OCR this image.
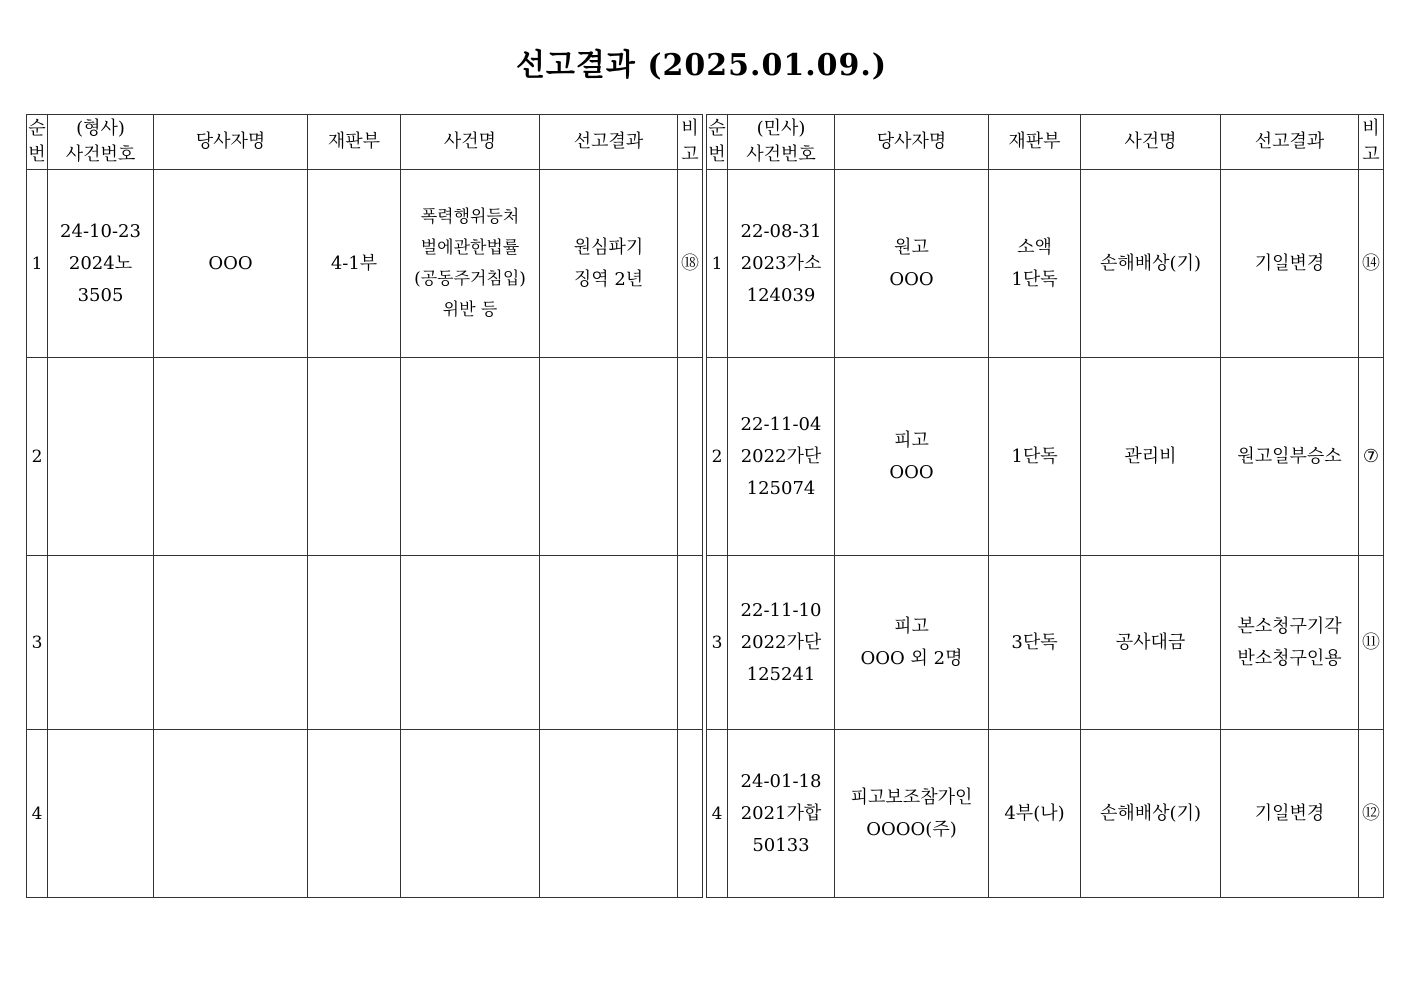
선고결과 (2025.01.09.)
순
번	(형사)
사건번호	당사자명	재판부	사건명	선고결과	비
고

1	24-10-23
2024노
3505	OOO	4-1부	폭력행위등처
벌에관한법률
(공동주거침입)
위반 등	원심파기
징역 2년	⑱
2						
3						
4						
순
번	(민사)
사건번호	당사자명	재판부	사건명	선고결과	비
고

1	22-08-31
2023가소
124039	원고
OOO	소액
1단독	손해배상(기)	기일변경	⑭
2	22-11-04
2022가단
125074	피고
OOO	1단독	관리비	원고일부승소	⑦
3	22-11-10
2022가단
125241	피고
OOO 외 2명	3단독	공사대금	본소청구기각
반소청구인용	⑪
4	24-01-18
2021가합
50133	피고보조참가인
OOOO(주)	4부(나)	손해배상(기)	기일변경	⑫
